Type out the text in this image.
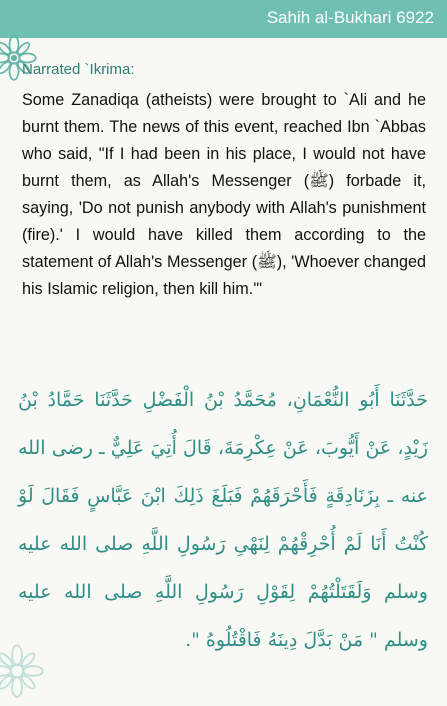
Sahih al-Bukhari 6922
Narrated `Ikrima:

Some Zanadiqa (atheists) were brought to `Ali and he burnt them. The news of this event, reached Ibn `Abbas who said, "If I had been in his place, I would not have burnt them, as Allah's Messenger (ﷺ) forbade it, saying, 'Do not punish anybody with Allah's punishment (fire).' I would have killed them according to the statement of Allah's Messenger (ﷺ), 'Whoever changed his Islamic religion, then kill him.'"

حَدَّثَنَا أَبُو النُّعْمَانِ، مُحَمَّدُ بْنُ الْفَضْلِ حَدَّثَنَا حَمَّادُ بْنُ زَيْدٍ، عَنْ أَيُّوبَ، عَنْ عِكْرِمَةَ، قَالَ أُتِيَ عَلِيٌّ ـ رضى الله عنه ـ بِزَنَادِقَةٍ فَأَحْرَقَهُمْ فَبَلَغَ ذَلِكَ ابْنَ عَبَّاسٍ فَقَالَ لَوْ كُنْتُ أَنَا لَمْ أُحْرِقْهُمْ لِنَهْىِ رَسُولِ اللَّهِ صلى الله عليه وسلم وَلَقَتَلْتُهُمْ لِقَوْلِ رَسُولِ اللَّهِ صلى الله عليه وسلم " مَنْ بَدَّلَ دِينَهُ فَاقْتُلُوهُ ".
